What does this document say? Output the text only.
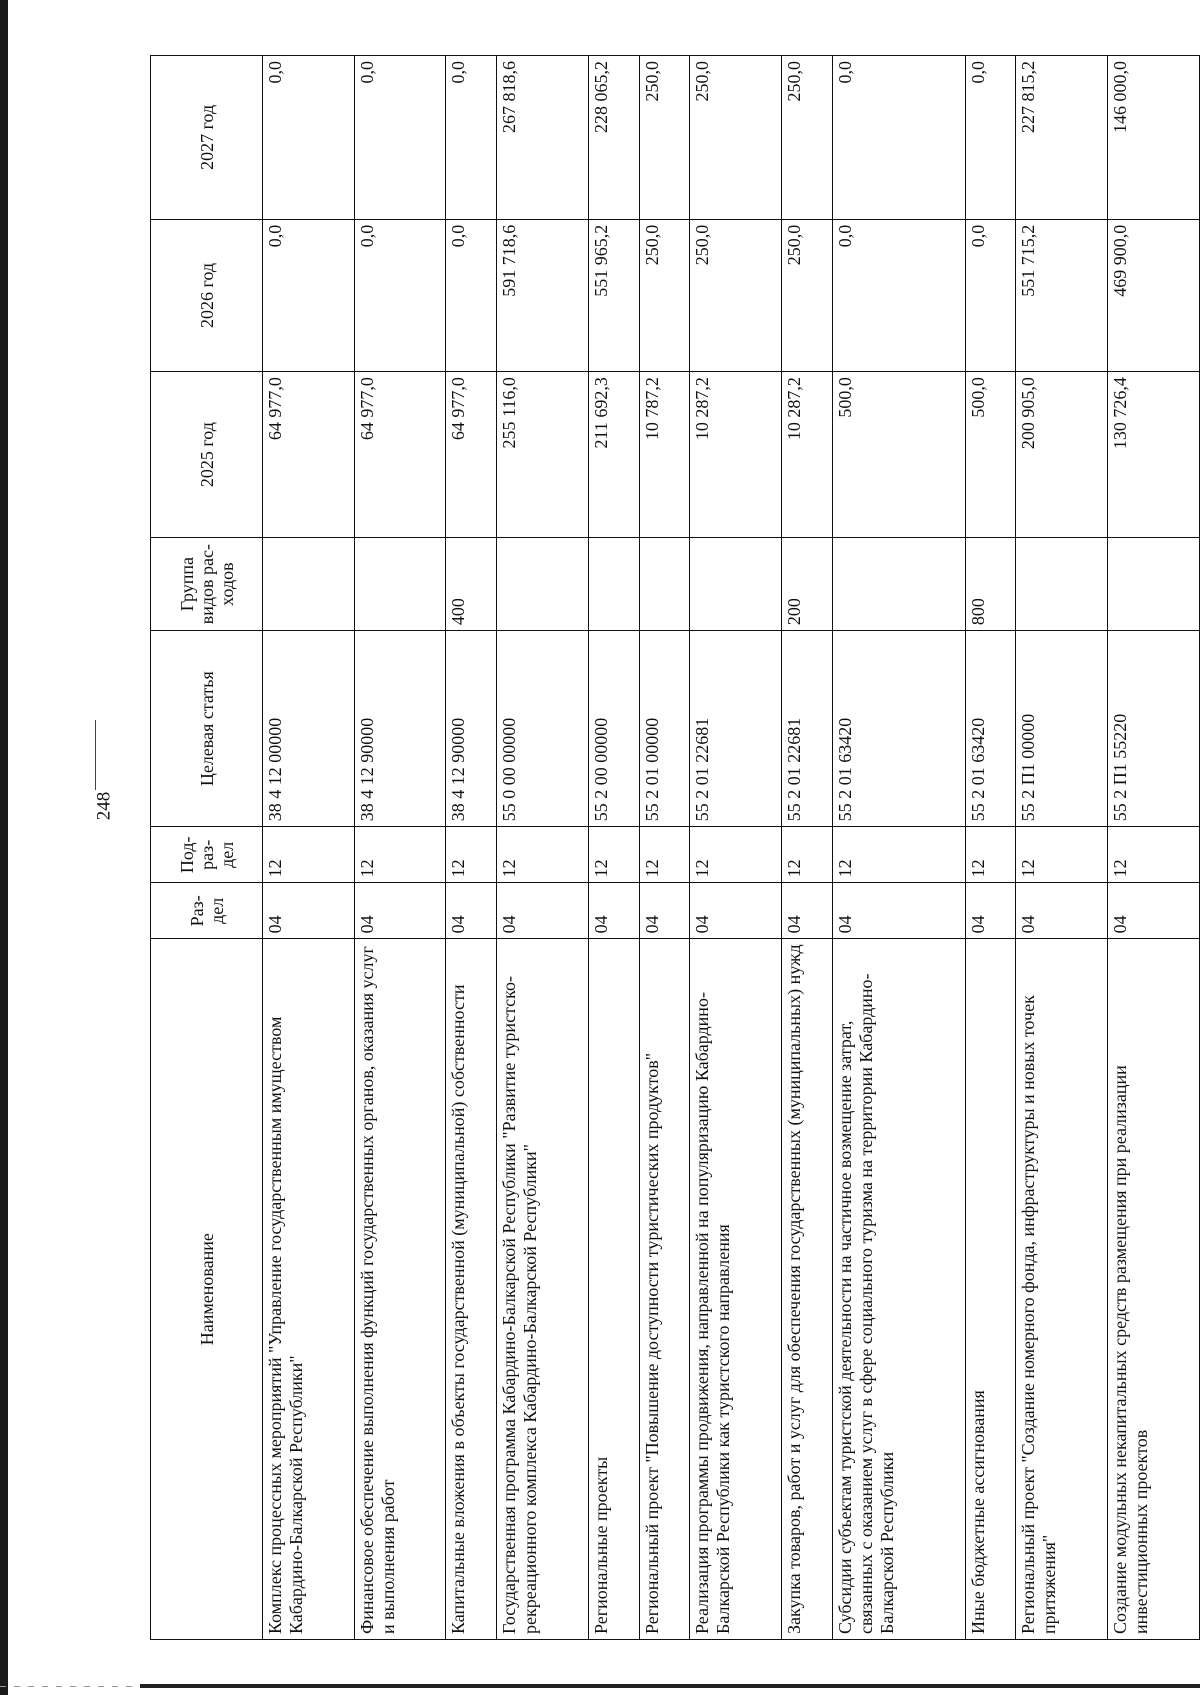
248
Наименование	Раз-дел	Под-раз-дел	Целевая статья	Группа видов рас-ходов	2025 год	2026 год	2027 год
Комплекс процессных мероприятий "Управление государственным имуществом Кабардино-Балкарской Республики"	04	12	38 4 12 00000		64 977,0	0,0	0,0
Финансовое обеспечение выполнения функций государственных органов, оказания услуг и выполнения работ	04	12	38 4 12 90000		64 977,0	0,0	0,0
Капитальные вложения в объекты государственной (муниципальной) собственности	04	12	38 4 12 90000	400	64 977,0	0,0	0,0
Государственная программа Кабардино-Балкарской Республики "Развитие туристско-рекреационного комплекса Кабардино-Балкарской Республики"	04	12	55 0 00 00000		255 116,0	591 718,6	267 818,6
Региональные проекты	04	12	55 2 00 00000		211 692,3	551 965,2	228 065,2
Региональный проект "Повышение доступности туристических продуктов"	04	12	55 2 01 00000		10 787,2	250,0	250,0
Реализация программы продвижения, направленной на популяризацию Кабардино-Балкарской Республики как туристского направления	04	12	55 2 01 22681		10 287,2	250,0	250,0
Закупка товаров, работ и услуг для обеспечения государственных (муниципальных) нужд	04	12	55 2 01 22681	200	10 287,2	250,0	250,0
Субсидии субъектам туристской деятельности на частичное возмещение затрат, связанных с оказанием услуг в сфере социального туризма на территории Кабардино-Балкарской Республики	04	12	55 2 01 63420		500,0	0,0	0,0
Иные бюджетные ассигнования	04	12	55 2 01 63420	800	500,0	0,0	0,0
Региональный проект "Создание номерного фонда, инфраструктуры и новых точек притяжения"	04	12	55 2 П1 00000		200 905,0	551 715,2	227 815,2
Создание модульных некапитальных средств размещения при реализации инвестиционных проектов	04	12	55 2 П1 55220		130 726,4	469 900,0	146 000,0
